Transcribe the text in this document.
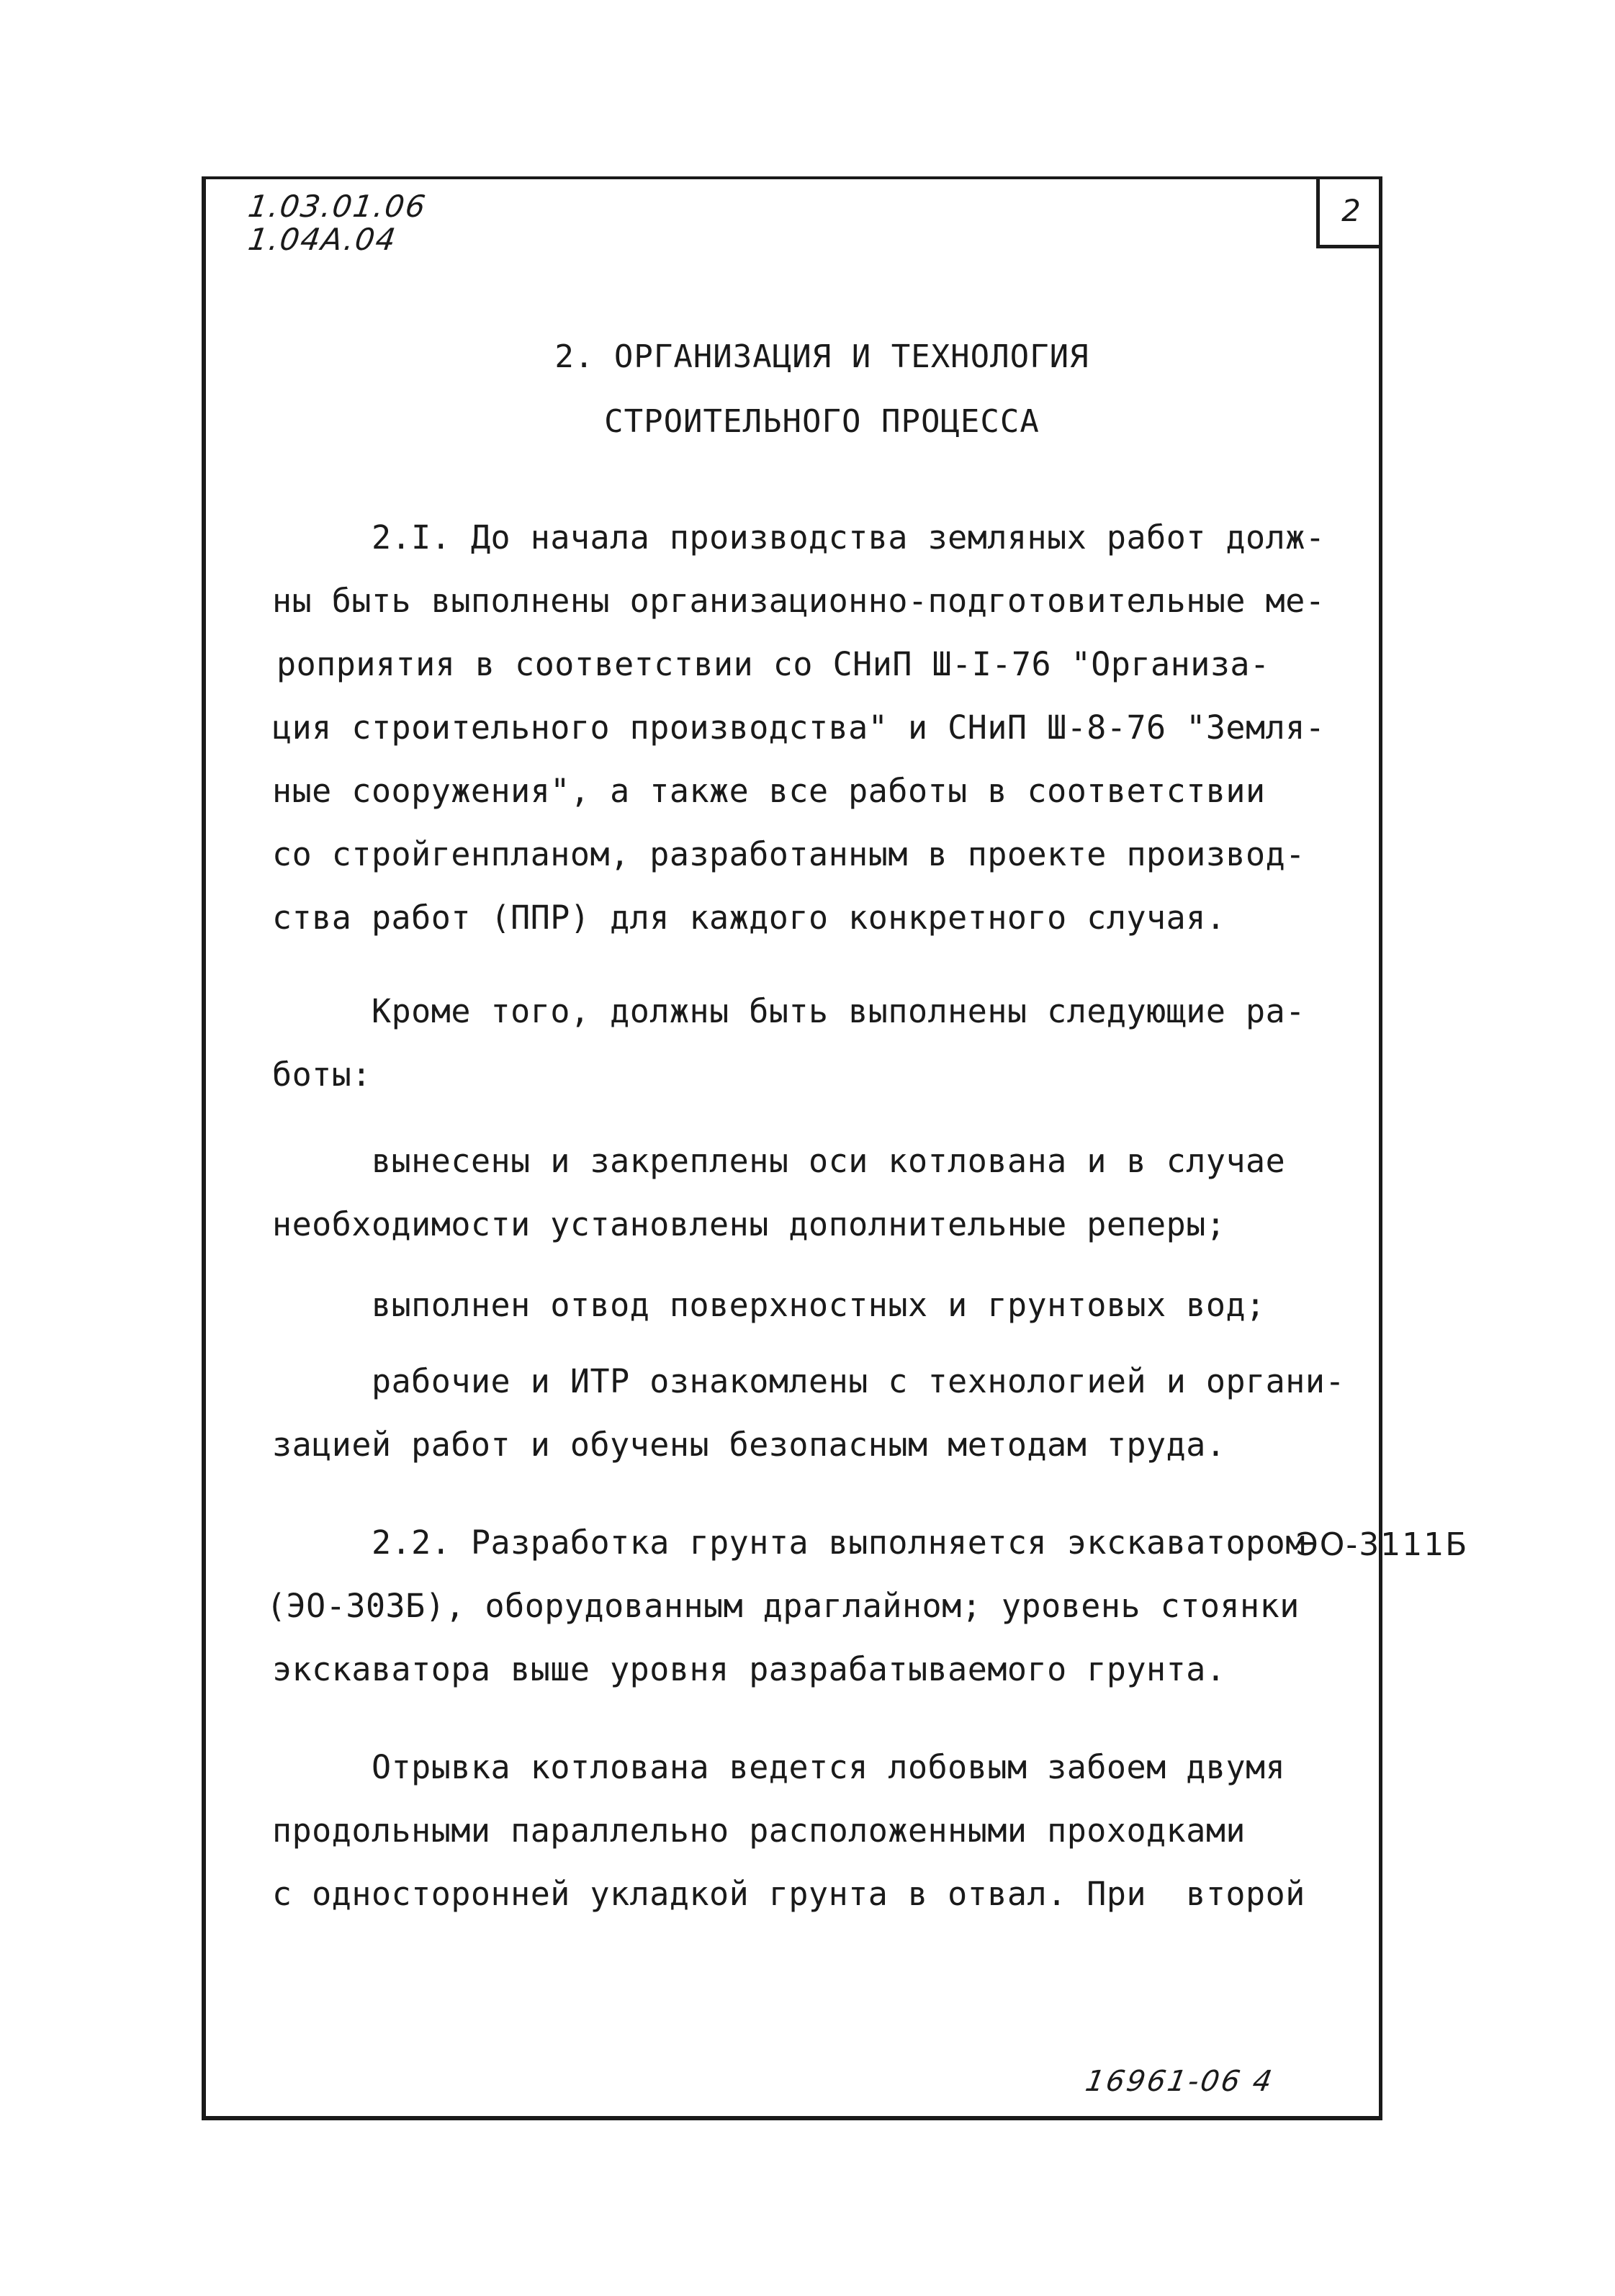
1.03.01.06
1.04A.04
2
2. ОРГАНИЗАЦИЯ И ТЕХНОЛОГИЯ
СТРОИТЕЛЬНОГО ПРОЦЕССА
2.I. До начала производства земляных работ долж-
ны быть выполнены организационно-подготовительные ме-
роприятия в соответствии со СНиП Ш-I-76 "Организа-
ция строительного производства" и СНиП Ш-8-76 "Земля-
ные сооружения", а также все работы в соответствии
со стройгенпланом, разработанным в проекте производ-
ства работ (ППР) для каждого конкретного случая.
Кроме того, должны быть выполнены следующие ра-
боты:
вынесены и закреплены оси котлована и в случае
необходимости установлены дополнительные реперы;
выполнен отвод поверхностных и грунтовых вод;
рабочие и ИТР ознакомлены с технологией и органи-
зацией работ и обучены безопасным методам труда.
2.2. Разработка грунта выполняется экскаватором
ЭО-3111Б
(ЭО-303Б), оборудованным драглайном; уровень стоянки
экскаватора выше уровня разрабатываемого грунта.
Отрывка котлована ведется лобовым забоем двумя
продольными параллельно расположенными проходками
с односторонней укладкой грунта в отвал. При  второй
16961-06 4
